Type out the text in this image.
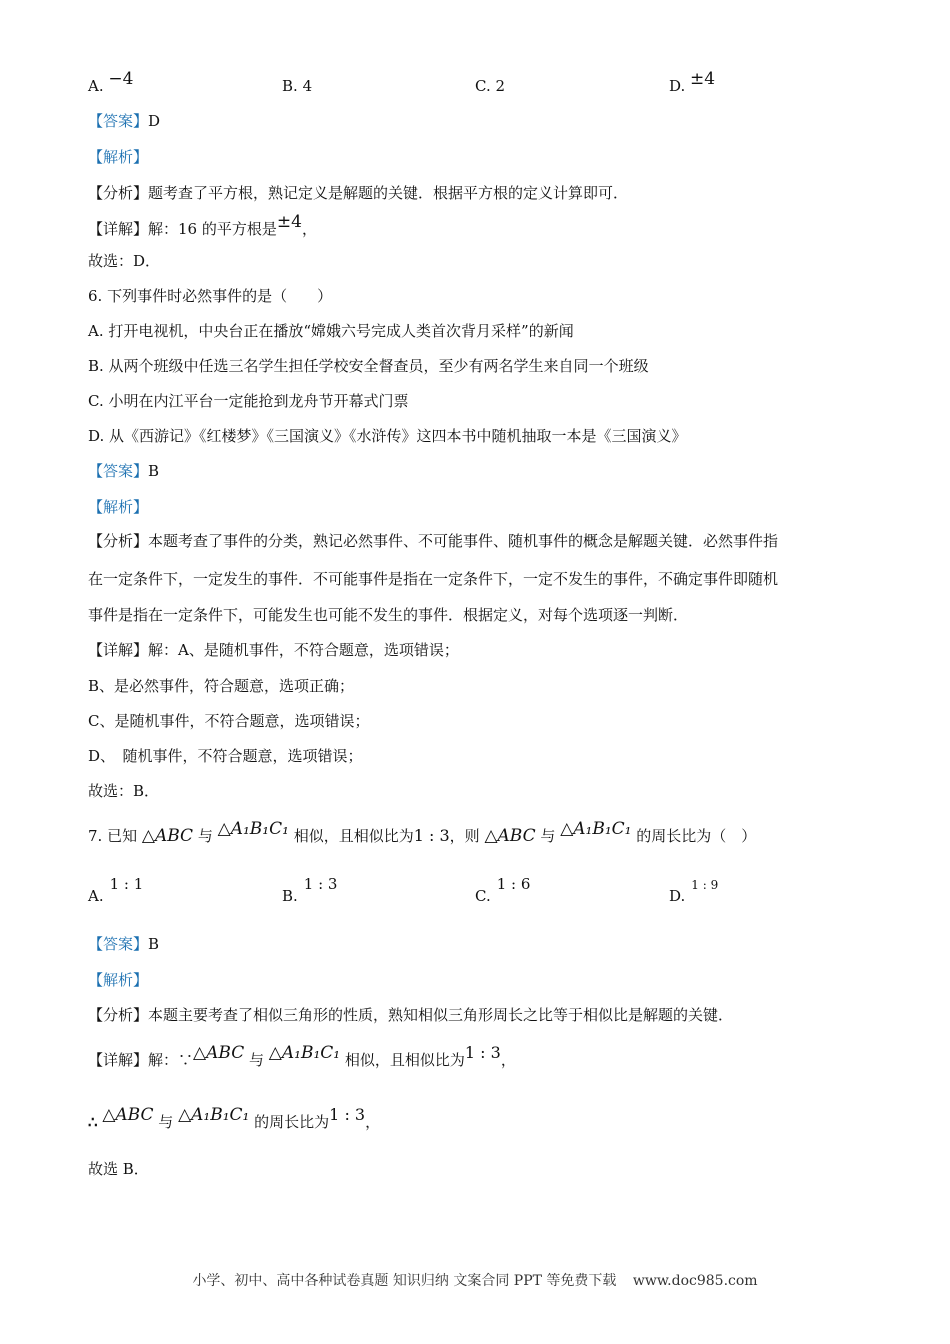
A. −4	B. 4	C. 2	D. ±4
【答案】D
【解析】
【分析】题考查了平方根，熟记定义是解题的关键．根据平方根的定义计算即可．
【详解】解：16 的平方根是±4，
故选：D．
6. 下列事件时必然事件的是（　　）
A. 打开电视机，中央台正在播放“嫦娥六号完成人类首次背月采样”的新闻
B. 从两个班级中任选三名学生担任学校安全督查员，至少有两名学生来自同一个班级
C. 小明在内江平台一定能抢到龙舟节开幕式门票
D. 从《西游记》《红楼梦》《三国演义》《水浒传》这四本书中随机抽取一本是《三国演义》
【答案】B
【解析】
【分析】本题考查了事件的分类，熟记必然事件、不可能事件、随机事件的概念是解题关键．必然事件指
在一定条件下，一定发生的事件．不可能事件是指在一定条件下，一定不发生的事件，不确定事件即随机
事件是指在一定条件下，可能发生也可能不发生的事件．根据定义，对每个选项逐一判断．
【详解】解：A、是随机事件，不符合题意，选项错误；
B、是必然事件，符合题意，选项正确；
C、是随机事件，不符合题意，选项错误；
D、　随机事件，不符合题意，选项错误；
故选：B．
7. 已知 △ABC 与 △A₁B₁C₁ 相似，且相似比为1 : 3，则 △ABC 与 △A₁B₁C₁ 的周长比为（　）
A.1 : 1
B.1 : 3
C.1 : 6
D.$^{1 : 9}$
【答案】B
【解析】
【分析】本题主要考查了相似三角形的性质，熟知相似三角形周长之比等于相似比是解题的关键．
【详解】解：∵△ABC 与 △A₁B₁C₁ 相似，且相似比为1 : 3，
∴ △ABC 与 △A₁B₁C₁ 的周长比为1 : 3，
故选 B．
小学、初中、高中各种试卷真题 知识归纳 文案合同 PPT 等免费下载 www.doc985.com
